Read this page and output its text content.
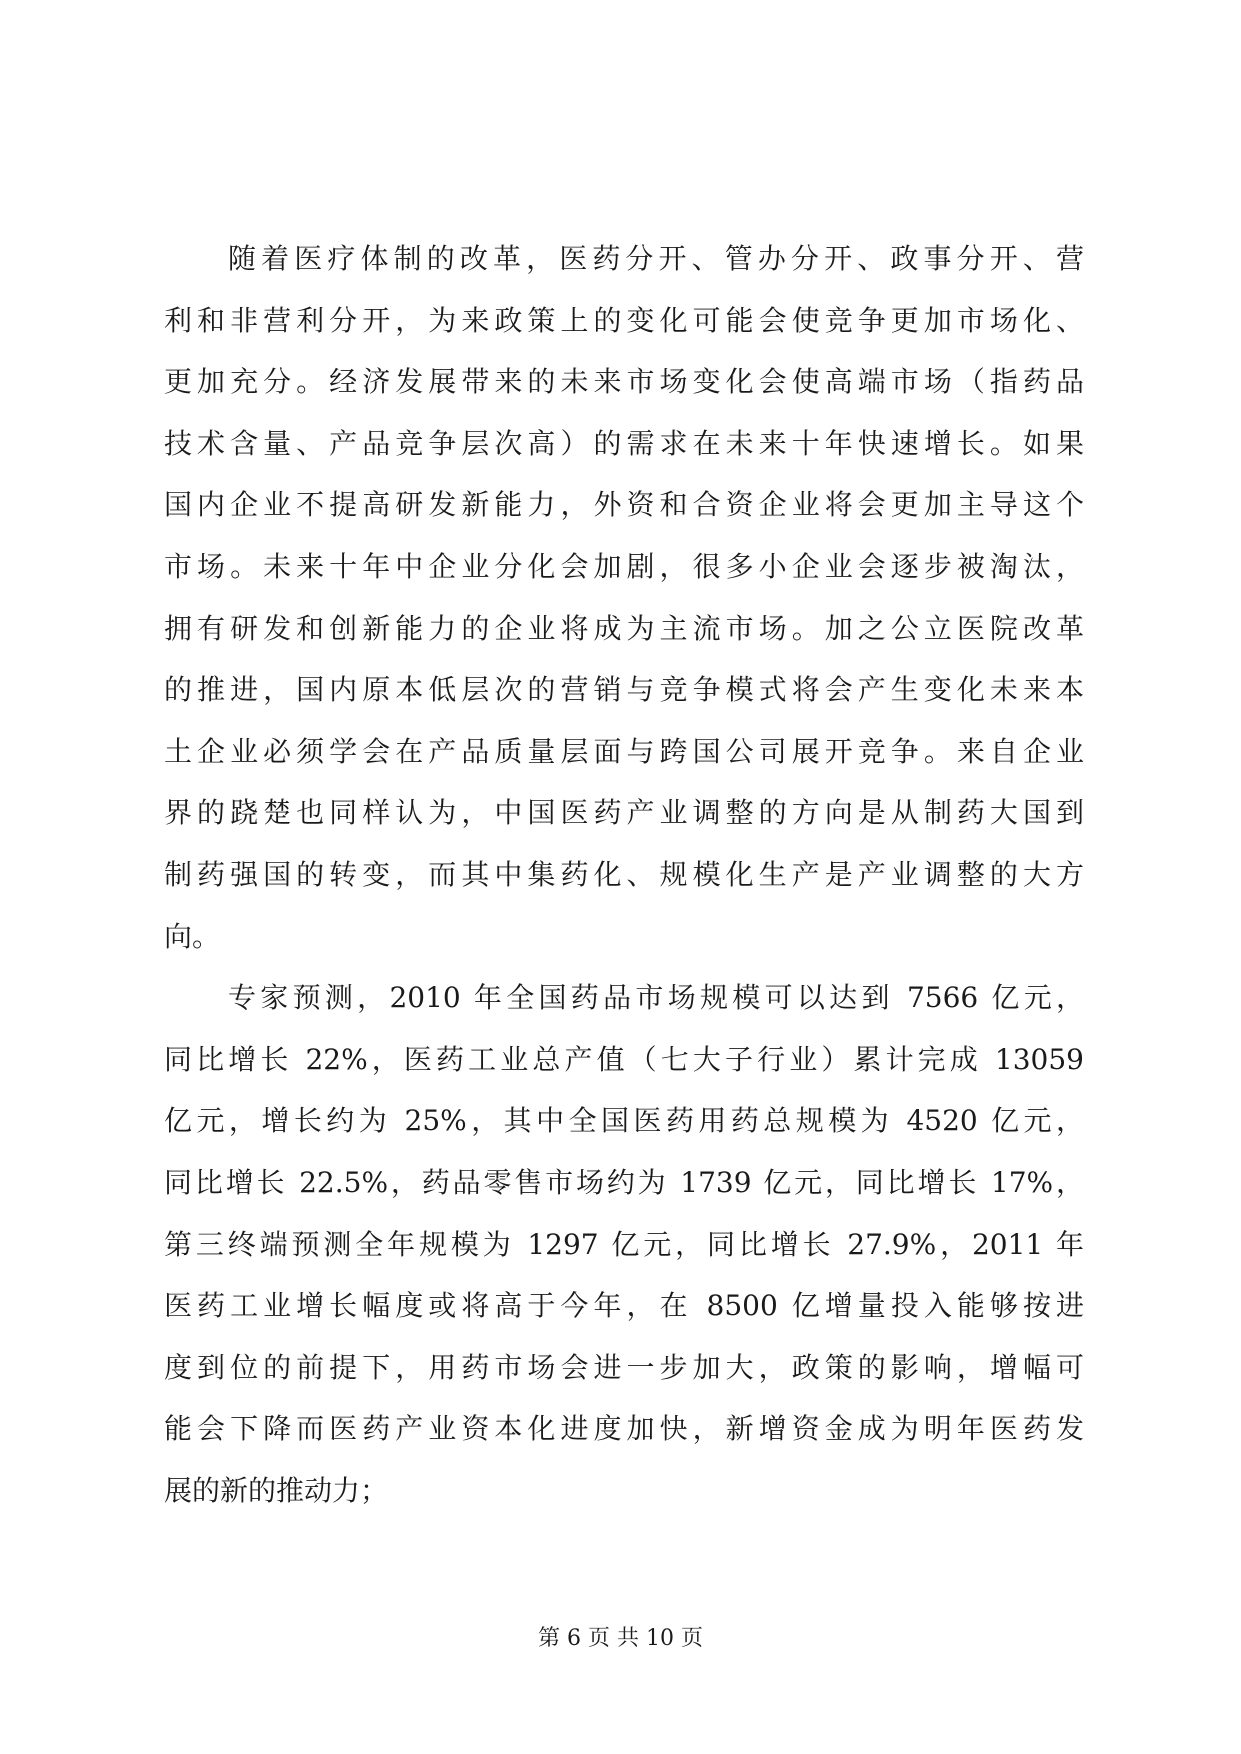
随着医疗体制的改革，医药分开、管办分开、政事分开、营
利和非营利分开，为来政策上的变化可能会使竞争更加市场化、
更加充分。经济发展带来的未来市场变化会使高端市场（指药品
技术含量、产品竞争层次高）的需求在未来十年快速增长。如果
国内企业不提高研发新能力，外资和合资企业将会更加主导这个
市场。未来十年中企业分化会加剧，很多小企业会逐步被淘汰，
拥有研发和创新能力的企业将成为主流市场。加之公立医院改革
的推进，国内原本低层次的营销与竞争模式将会产生变化未来本
土企业必须学会在产品质量层面与跨国公司展开竞争。来自企业
界的跷楚也同样认为，中国医药产业调整的方向是从制药大国到
制药强国的转变，而其中集药化、规模化生产是产业调整的大方
向。
专家预测，2010 年全国药品市场规模可以达到 7566 亿元，
同比增长 22%，医药工业总产值（七大子行业）累计完成 13059
亿元，增长约为 25%，其中全国医药用药总规模为 4520 亿元，
同比增长 22.5%，药品零售市场约为 1739 亿元，同比增长 17%，
第三终端预测全年规模为 1297 亿元，同比增长 27.9%，2011 年
医药工业增长幅度或将高于今年，在 8500 亿增量投入能够按进
度到位的前提下，用药市场会进一步加大，政策的影响，增幅可
能会下降而医药产业资本化进度加快，新增资金成为明年医药发
展的新的推动力；
第 6 页 共 10 页
